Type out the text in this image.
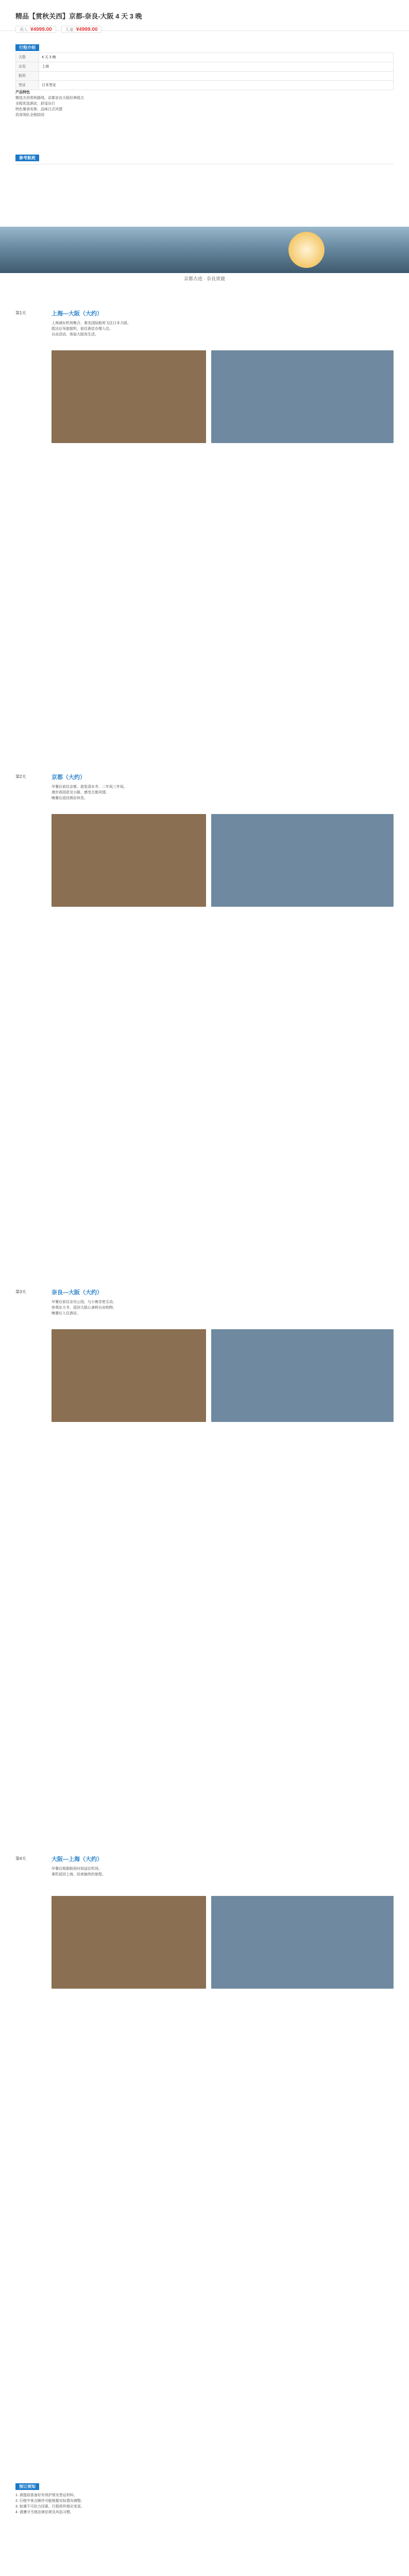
精品【赏秋关西】京都-奈良-大阪 4 天 3 晚
成人 ¥4999.00	儿童 ¥4999.00
行程介绍
天数	4 天 3 晚
出发	上海
航班	
签证	日本签证
产品特色
精选关西赏秋路线，京都奈良大阪经典组合
全程优选酒店，舒适出行
特色餐食安排，品味日式风情
资深领队全程陪同
参考航班
京都古迹 · 奈良赏鹿
第1天	上海—大阪（大约）
上海浦东机场集合，乘坐国际航班飞往日本大阪。
抵达后导游接机，前往酒店办理入住。
自由活动，体验大阪夜生活。
第2天	京都（大约）
早餐后前往京都，游览清水寺、二年坂三年坂。
漫步祇园花见小路，感受古都风情。
晚餐后返回酒店休息。
第3天	奈良—大阪（大约）
早餐后前往奈良公园，与小鹿亲密互动。
参观东大寺，返回大阪心斋桥自由购物。
晚餐后入住酒店。
第4天	大阪—上海（大约）
早餐后根据航班时间送往机场。
乘机返回上海，结束愉快的旅程。
预订须知
1. 请提前准备好有效护照及签证材料。
2. 行程中景点顺序可能根据实际情况调整。
3. 如遇不可抗力因素，行程将作相应变更。
4. 请遵守当地法律法规及风俗习惯。
